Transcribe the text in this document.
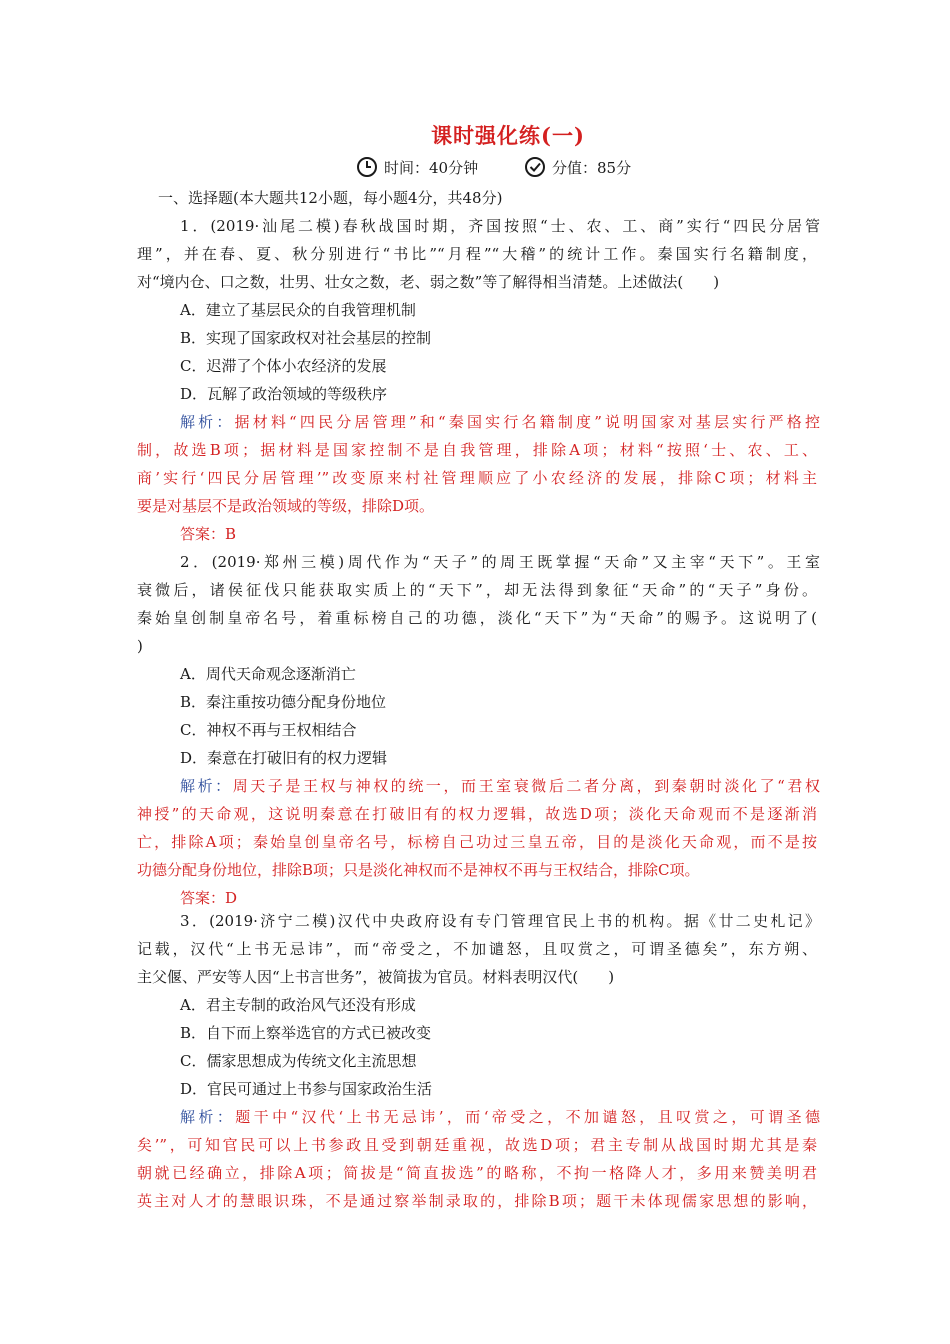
课时强化练(一)
时间：40分钟	分值：85分
一、选择题(本大题共12小题，每小题4分，共48分)
1．(2019·汕尾二模)春秋战国时期，齐国按照“士、农、工、商”实行“四民分居管
理”，并在春、夏、秋分别进行“书比”“月程”“大稽”的统计工作。秦国实行名籍制度，
对“境内仓、口之数，壮男、壮女之数，老、弱之数”等了解得相当清楚。上述做法(　　)
A．建立了基层民众的自我管理机制
B．实现了国家政权对社会基层的控制
C．迟滞了个体小农经济的发展
D．瓦解了政治领域的等级秩序
解析：据材料“四民分居管理”和“秦国实行名籍制度”说明国家对基层实行严格控
制，故选B项；据材料是国家控制不是自我管理，排除A项；材料“按照‘士、农、工、
商’实行‘四民分居管理’”改变原来村社管理顺应了小农经济的发展，排除C项；材料主
要是对基层不是政治领域的等级，排除D项。
答案：B
2．(2019·郑州三模)周代作为“天子”的周王既掌握“天命”又主宰“天下”。王室
衰微后，诸侯征伐只能获取实质上的“天下”，却无法得到象征“天命”的“天子”身份。
秦始皇创制皇帝名号，着重标榜自己的功德，淡化“天下”为“天命”的赐予。这说明了(
)
A．周代天命观念逐渐消亡
B．秦注重按功德分配身份地位
C．神权不再与王权相结合
D．秦意在打破旧有的权力逻辑
解析：周天子是王权与神权的统一，而王室衰微后二者分离，到秦朝时淡化了“君权
神授”的天命观，这说明秦意在打破旧有的权力逻辑，故选D项；淡化天命观而不是逐渐消
亡，排除A项；秦始皇创皇帝名号，标榜自己功过三皇五帝，目的是淡化天命观，而不是按
功德分配身份地位，排除B项；只是淡化神权而不是神权不再与王权结合，排除C项。
答案：D
3．(2019·济宁二模)汉代中央政府设有专门管理官民上书的机构。据《廿二史札记》
记载，汉代“上书无忌讳”，而“帝受之，不加谴怒，且叹赏之，可谓圣德矣”，东方朔、
主父偃、严安等人因“上书言世务”，被简拔为官员。材料表明汉代(　　)
A．君主专制的政治风气还没有形成
B．自下而上察举选官的方式已被改变
C．儒家思想成为传统文化主流思想
D．官民可通过上书参与国家政治生活
解析：题干中“汉代‘上书无忌讳’，而‘帝受之，不加谴怒，且叹赏之，可谓圣德
矣’”，可知官民可以上书参政且受到朝廷重视，故选D项；君主专制从战国时期尤其是秦
朝就已经确立，排除A项；简拔是“简直拔选”的略称，不拘一格降人才，多用来赞美明君
英主对人才的慧眼识珠，不是通过察举制录取的，排除B项；题干未体现儒家思想的影响，
